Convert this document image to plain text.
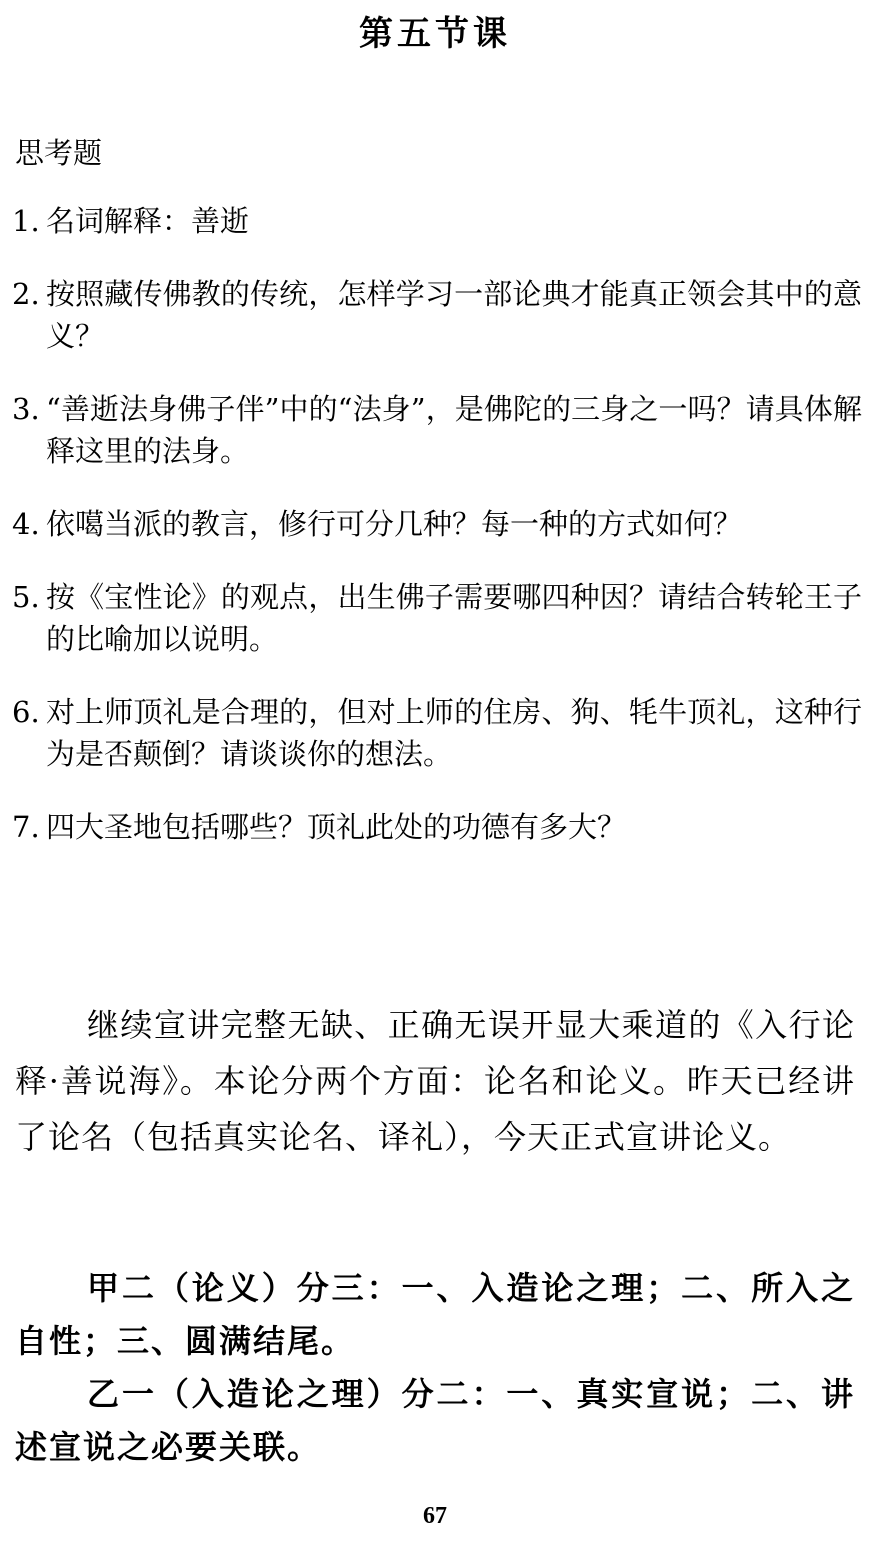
第五节课
思考题
1. 名词解释：善逝
2. 按照藏传佛教的传统，怎样学习一部论典才能真正领会其中的意义？
3. “善逝法身佛子伴”中的“法身”，是佛陀的三身之一吗？请具体解释这里的法身。
4. 依噶当派的教言，修行可分几种？每一种的方式如何？
5. 按《宝性论》的观点，出生佛子需要哪四种因？请结合转轮王子的比喻加以说明。
6. 对上师顶礼是合理的，但对上师的住房、狗、牦牛顶礼，这种行为是否颠倒？请谈谈你的想法。
7. 四大圣地包括哪些？顶礼此处的功德有多大？
继续宣讲完整无缺、正确无误开显大乘道的《入行论释·善说海》。本论分两个方面：论名和论义。昨天已经讲了论名（包括真实论名、译礼），今天正式宣讲论义。
甲二（论义）分三：一、入造论之理；二、所入之自性；三、圆满结尾。
乙一（入造论之理）分二：一、真实宣说；二、讲述宣说之必要关联。
67
